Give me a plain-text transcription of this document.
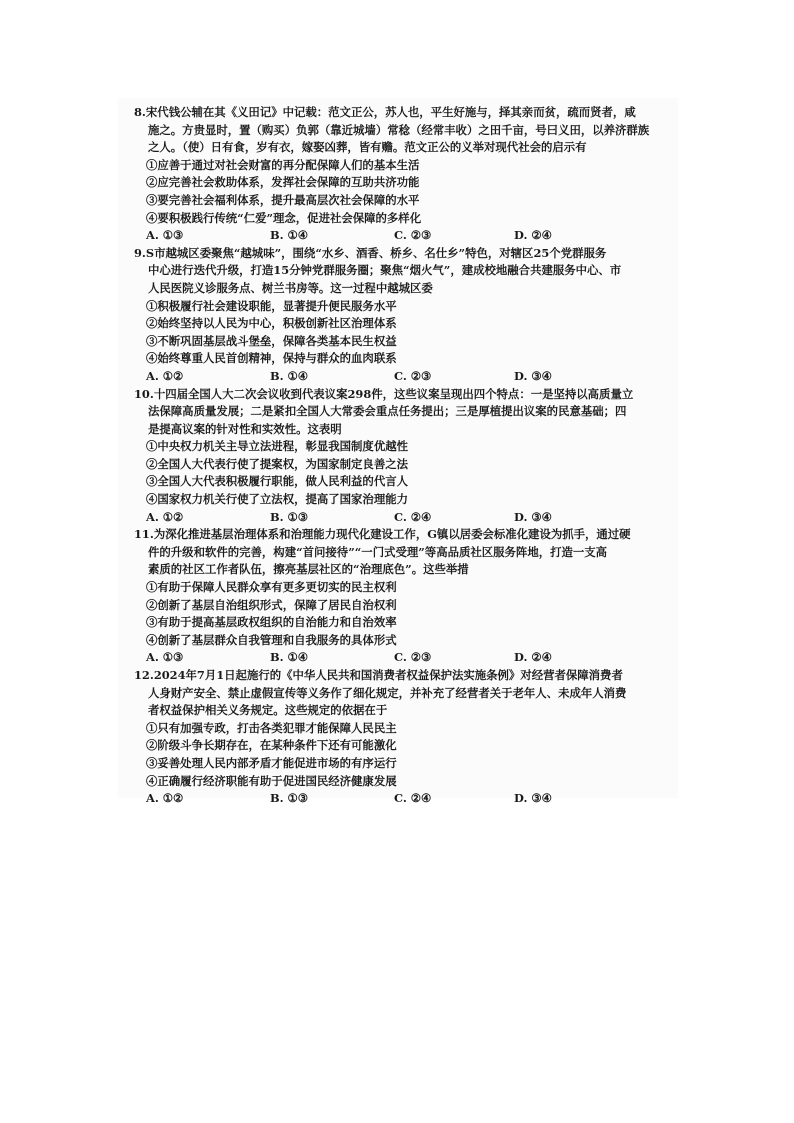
8.宋代钱公辅在其《义田记》中记载：范文正公，苏人也，平生好施与，择其亲而贫，疏而贤者，咸
施之。方贵显时，置（购买）负郭（靠近城墙）常稔（经常丰收）之田千亩，号曰义田，以养济群族
之人。（使）日有食，岁有衣，嫁娶凶葬，皆有赡。范文正公的义举对现代社会的启示有
①应善于通过对社会财富的再分配保障人们的基本生活
②应完善社会救助体系，发挥社会保障的互助共济功能
③要完善社会福利体系，提升最高层次社会保障的水平
④要积极践行传统“仁爱”理念，促进社会保障的多样化
A. ①③	B. ①④	C. ②③	D. ②④
9.S市越城区委聚焦“越城味”，围绕“水乡、酒香、桥乡、名仕乡”特色，对辖区25个党群服务
中心进行迭代升级，打造15分钟党群服务圈；聚焦“烟火气”，建成校地融合共建服务中心、市
人民医院义诊服务点、树兰书房等。这一过程中越城区委
①积极履行社会建设职能，显著提升便民服务水平
②始终坚持以人民为中心，积极创新社区治理体系
③不断巩固基层战斗堡垒，保障各类基本民生权益
④始终尊重人民首创精神，保持与群众的血肉联系
A. ①②	B. ①④	C. ②③	D. ③④
10.十四届全国人大二次会议收到代表议案298件，这些议案呈现出四个特点：一是坚持以高质量立
法保障高质量发展；二是紧扣全国人大常委会重点任务提出；三是厚植提出议案的民意基础；四
是提高议案的针对性和实效性。这表明
①中央权力机关主导立法进程，彰显我国制度优越性
②全国人大代表行使了提案权，为国家制定良善之法
③全国人大代表积极履行职能，做人民利益的代言人
④国家权力机关行使了立法权，提高了国家治理能力
A. ①②	B. ①③	C. ②④	D. ③④
11.为深化推进基层治理体系和治理能力现代化建设工作，G镇以居委会标准化建设为抓手，通过硬
件的升级和软件的完善，构建“首问接待”“一门式受理”等高品质社区服务阵地，打造一支高
素质的社区工作者队伍，擦亮基层社区的“治理底色”。这些举措
①有助于保障人民群众享有更多更切实的民主权利
②创新了基层自治组织形式，保障了居民自治权利
③有助于提高基层政权组织的自治能力和自治效率
④创新了基层群众自我管理和自我服务的具体形式
A. ①③	B. ①④	C. ②③	D. ②④
12.2024年7月1日起施行的《中华人民共和国消费者权益保护法实施条例》对经营者保障消费者
人身财产安全、禁止虚假宣传等义务作了细化规定，并补充了经营者关于老年人、未成年人消费
者权益保护相关义务规定。这些规定的依据在于
①只有加强专政，打击各类犯罪才能保障人民民主
②阶级斗争长期存在，在某种条件下还有可能激化
③妥善处理人民内部矛盾才能促进市场的有序运行
④正确履行经济职能有助于促进国民经济健康发展
A. ①②	B. ①③	C. ②④	D. ③④
